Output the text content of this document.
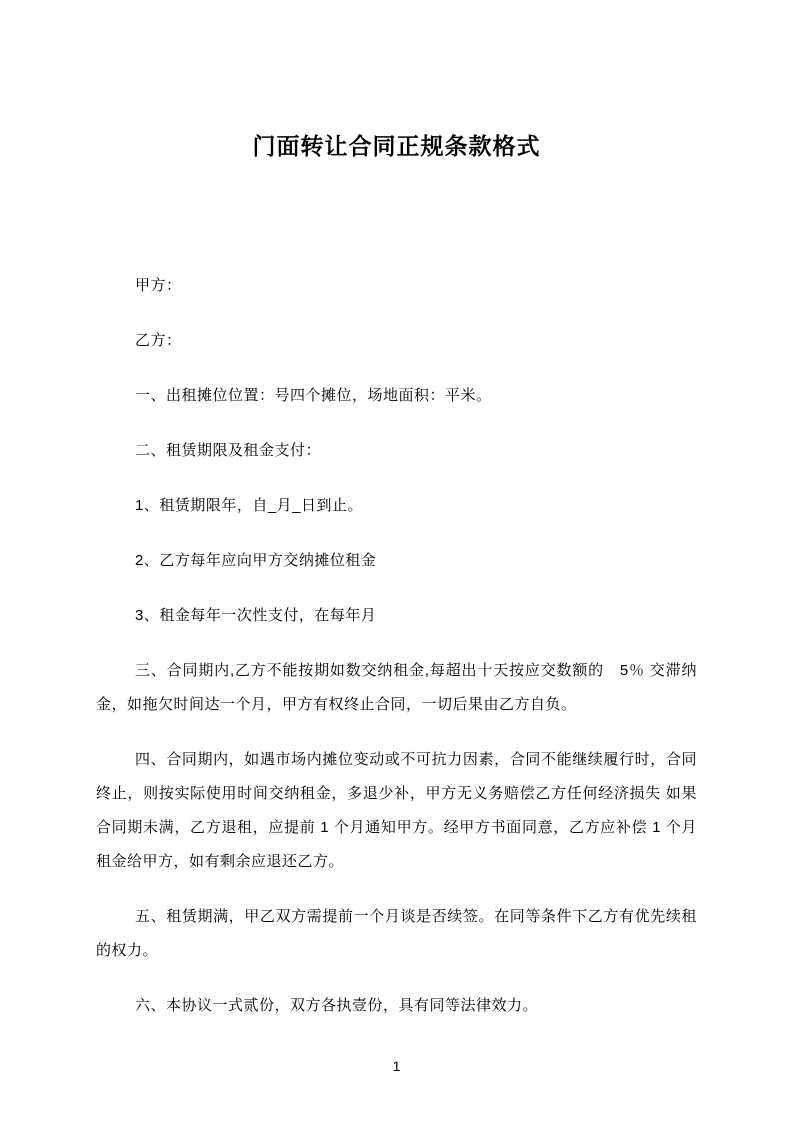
门面转让合同正规条款格式

甲方：

乙方：

一、出租摊位位置：号四个摊位，场地面积：平米。

二、租赁期限及租金支付：

1、租赁期限年，自_月_日到止。

2、乙方每年应向甲方交纳摊位租金

3、租金每年一次性支付，在每年月

三、合同期内,乙方不能按期如数交纳租金,每超出十天按应交数额的　5％ 交滞纳金，如拖欠时间达一个月，甲方有权终止合同，一切后果由乙方自负。

四、合同期内，如遇市场内摊位变动或不可抗力因素，合同不能继续履行时，合同终止，则按实际使用时间交纳租金，多退少补，甲方无义务赔偿乙方任何经济损失 如果合同期未满，乙方退租，应提前 1 个月通知甲方。经甲方书面同意，乙方应补偿 1 个月租金给甲方，如有剩余应退还乙方。

五、租赁期满，甲乙双方需提前一个月谈是否续签。在同等条件下乙方有优先续租的权力。

六、本协议一式贰份，双方各执壹份，具有同等法律效力。

1
